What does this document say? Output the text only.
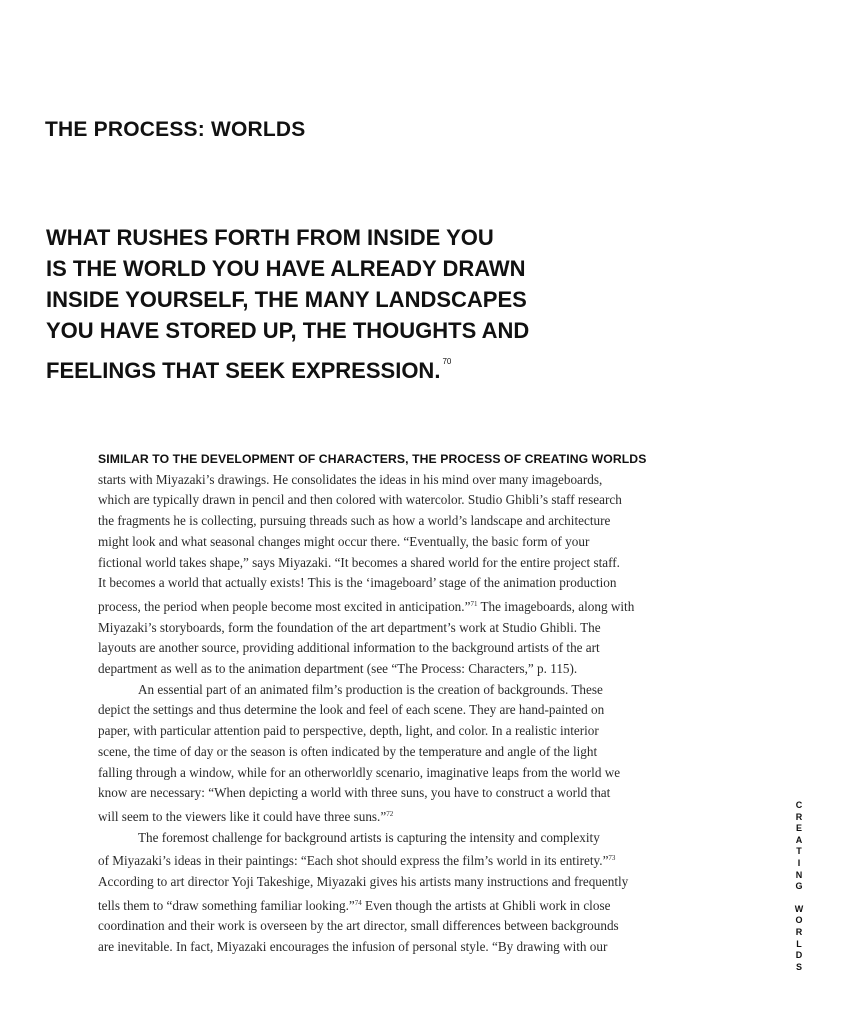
THE PROCESS: WORLDS
WHAT RUSHES FORTH FROM INSIDE YOU
IS THE WORLD YOU HAVE ALREADY DRAWN
INSIDE YOURSELF, THE MANY LANDSCAPES
YOU HAVE STORED UP, THE THOUGHTS AND
FEELINGS THAT SEEK EXPRESSION. $^{70}$

SIMILAR TO THE DEVELOPMENT OF CHARACTERS, THE PROCESS OF CREATING WORLDS
starts with Miyazaki’s drawings. He consolidates the ideas in his mind over many imageboards,
which are typically drawn in pencil and then colored with watercolor. Studio Ghibli’s staff research
the fragments he is collecting, pursuing threads such as how a world’s landscape and architecture
might look and what seasonal changes might occur there. “Eventually, the basic form of your
fictional world takes shape,” says Miyazaki. “It becomes a shared world for the entire project staff.
It becomes a world that actually exists! This is the ‘imageboard’ stage of the animation production
process, the period when people become most excited in anticipation.”$^{71}$ The imageboards, along with
Miyazaki’s storyboards, form the foundation of the art department’s work at Studio Ghibli. The
layouts are another source, providing additional information to the background artists of the art
department as well as to the animation department (see “The Process: Characters,” p. 115).

An essential part of an animated film’s production is the creation of backgrounds. These
depict the settings and thus determine the look and feel of each scene. They are hand-painted on
paper, with particular attention paid to perspective, depth, light, and color. In a realistic interior
scene, the time of day or the season is often indicated by the temperature and angle of the light
falling through a window, while for an otherworldly scenario, imaginative leaps from the world we
know are necessary: “When depicting a world with three suns, you have to construct a world that
will seem to the viewers like it could have three suns.”$^{72}$

The foremost challenge for background artists is capturing the intensity and complexity
of Miyazaki’s ideas in their paintings: “Each shot should express the film’s world in its entirety.”$^{73}$
According to art director Yoji Takeshige, Miyazaki gives his artists many instructions and frequently
tells them to “draw something familiar looking.”$^{74}$ Even though the artists at Ghibli work in close
coordination and their work is overseen by the art director, small differences between backgrounds
are inevitable. In fact, Miyazaki encourages the infusion of personal style. “By drawing with our

C
R
E
A
T
I
N
G
W
O
R
L
D
S
